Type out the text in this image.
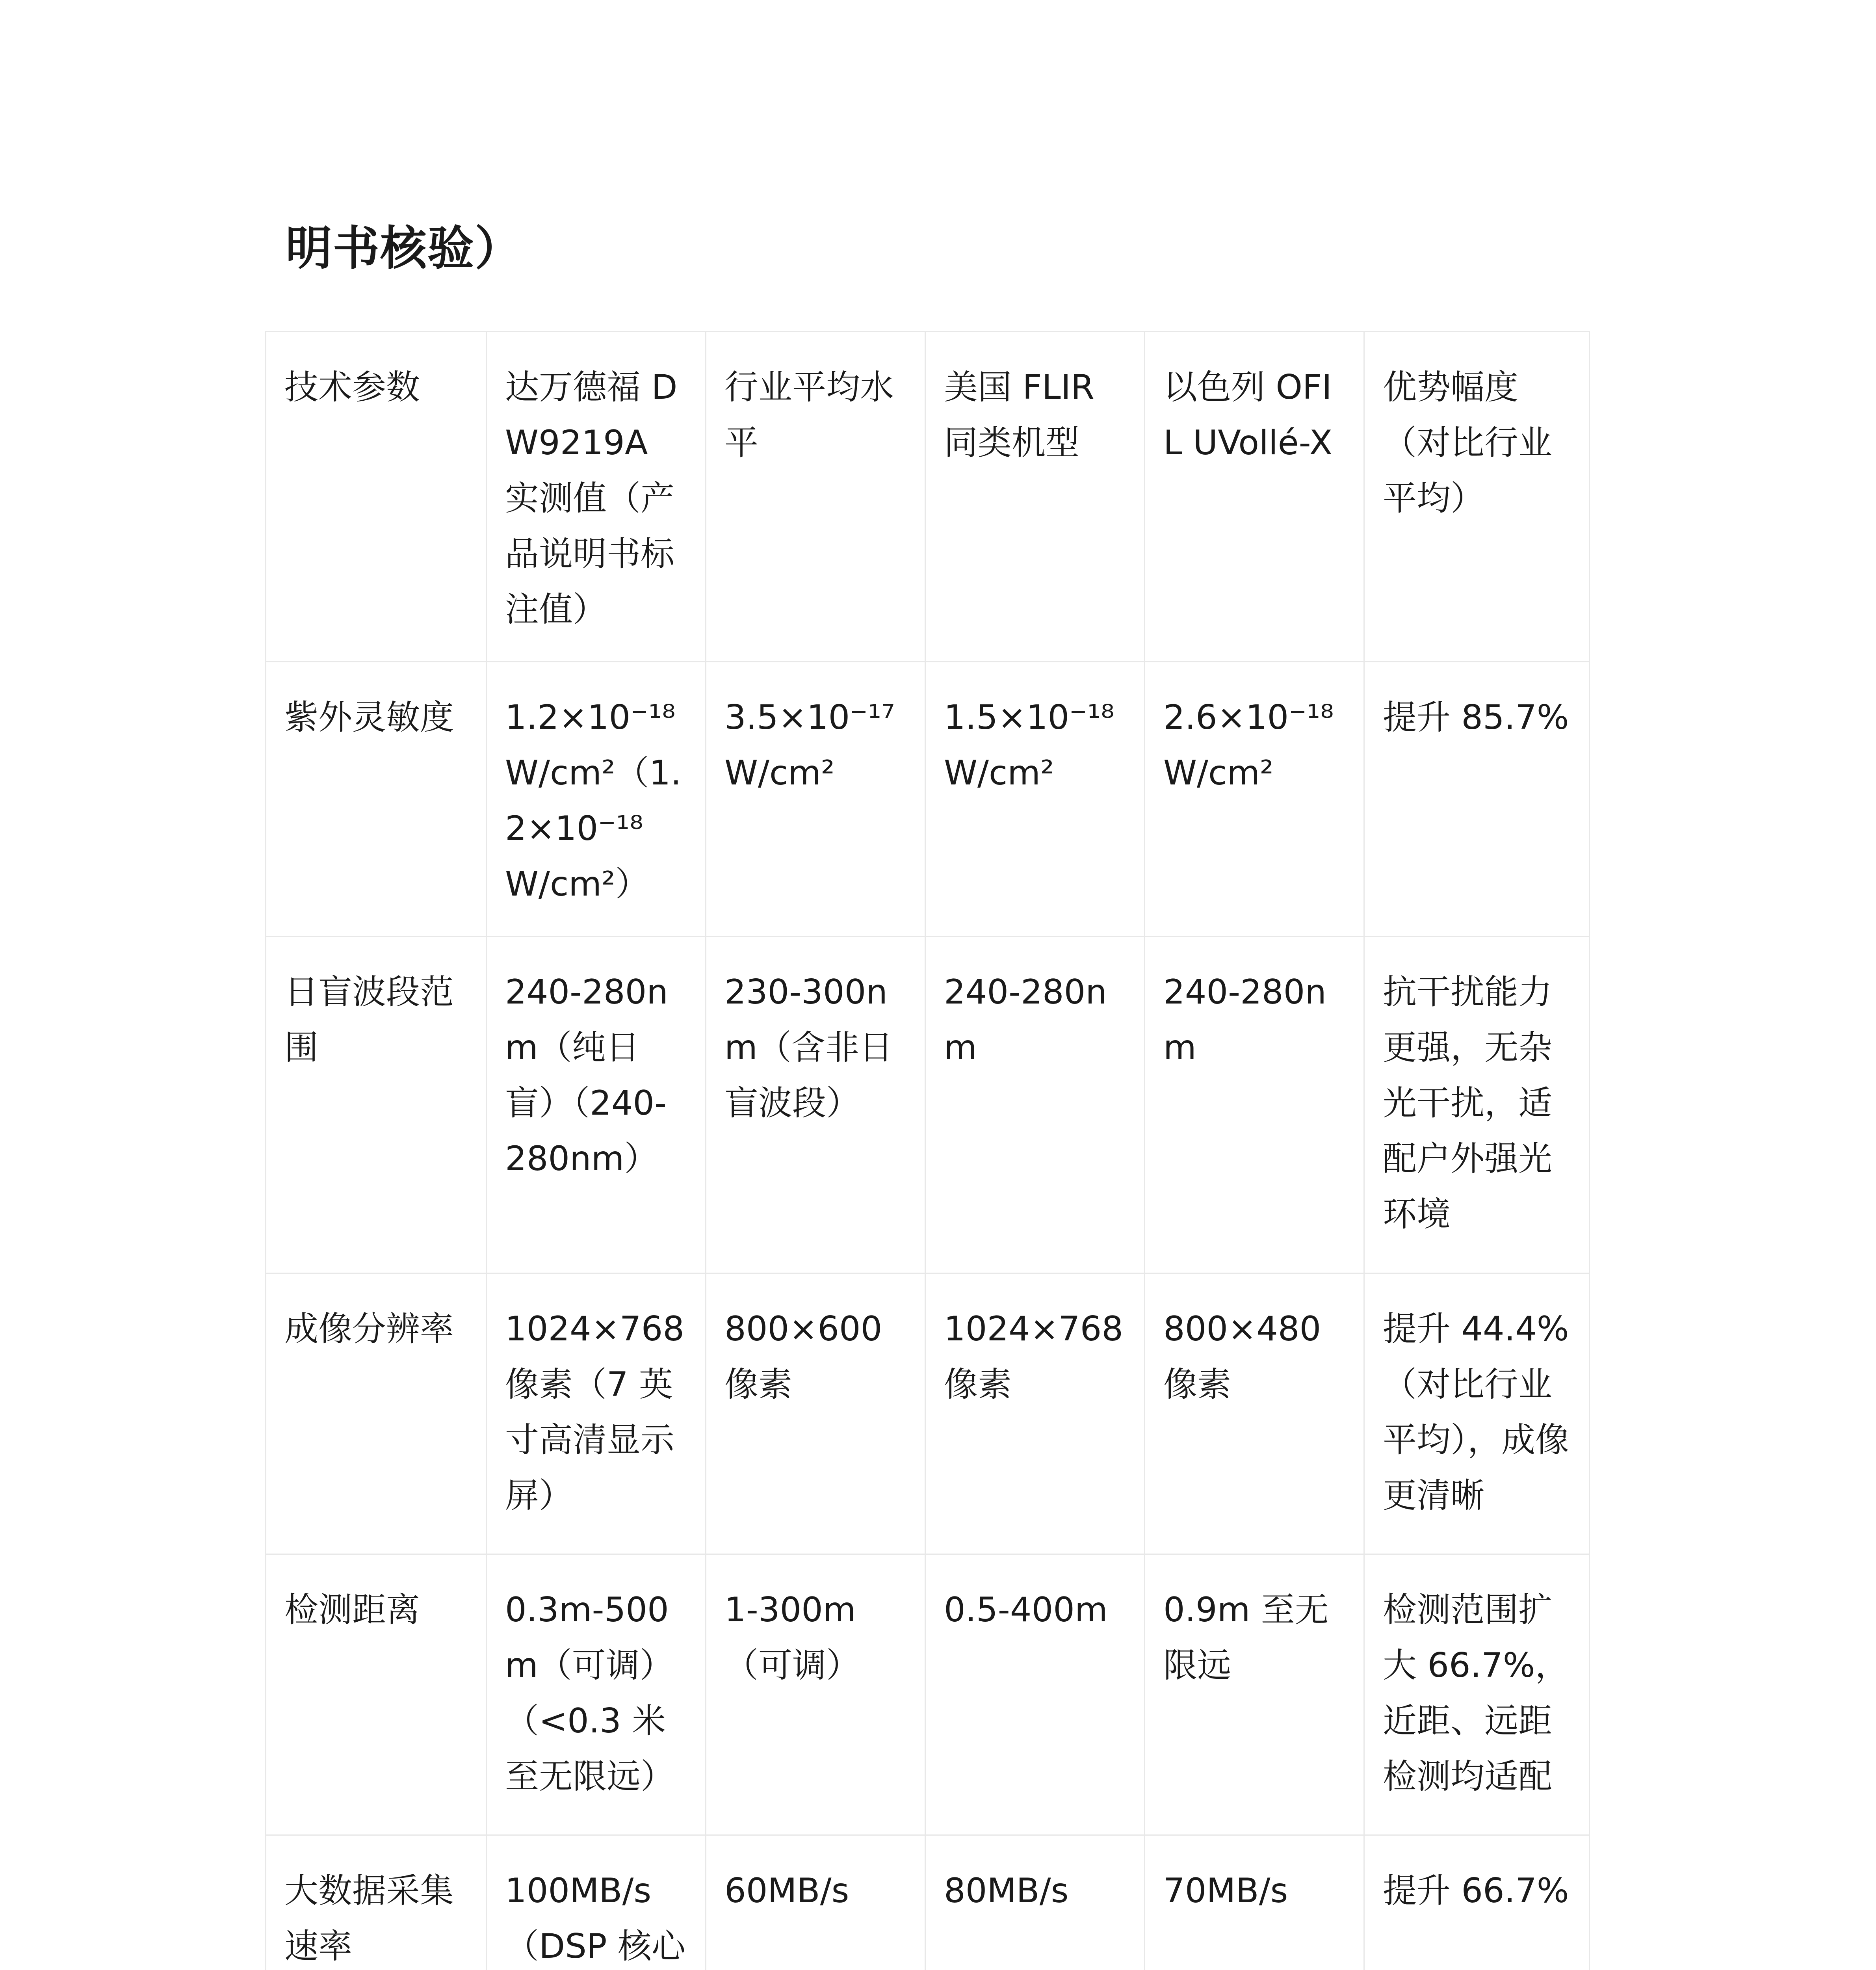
明书核验）
技术参数	达万德福 DW9219A 实测值（产品说明书标注值）	行业平均水平	美国 FLIR 同类机型	以色列 OFIL UVollé-X	优势幅度（对比行业平均）
紫外灵敏度	1.2×10⁻¹⁸ W/cm²（1.2×10⁻¹⁸ W/cm²）	3.5×10⁻¹⁷ W/cm²	1.5×10⁻¹⁸ W/cm²	2.6×10⁻¹⁸ W/cm²	提升 85.7%
日盲波段范围	240-280nm（纯日盲）（240-280nm）	230-300nm（含非日盲波段）	240-280nm	240-280nm	抗干扰能力更强，无杂光干扰，适配户外强光环境
成像分辨率	1024×768 像素（7 英寸高清显示屏）	800×600 像素	1024×768 像素	800×480 像素	提升 44.4%（对比行业平均），成像更清晰
检测距离	0.3m-500m（可调）（<0.3 米至无限远）	1-300m（可调）	0.5-400m	0.9m 至无限远	检测范围扩大 66.7%，近距、远距检测均适配
大数据采集速率	100MB/s（DSP 核心	60MB/s	80MB/s	70MB/s	提升 66.7%
